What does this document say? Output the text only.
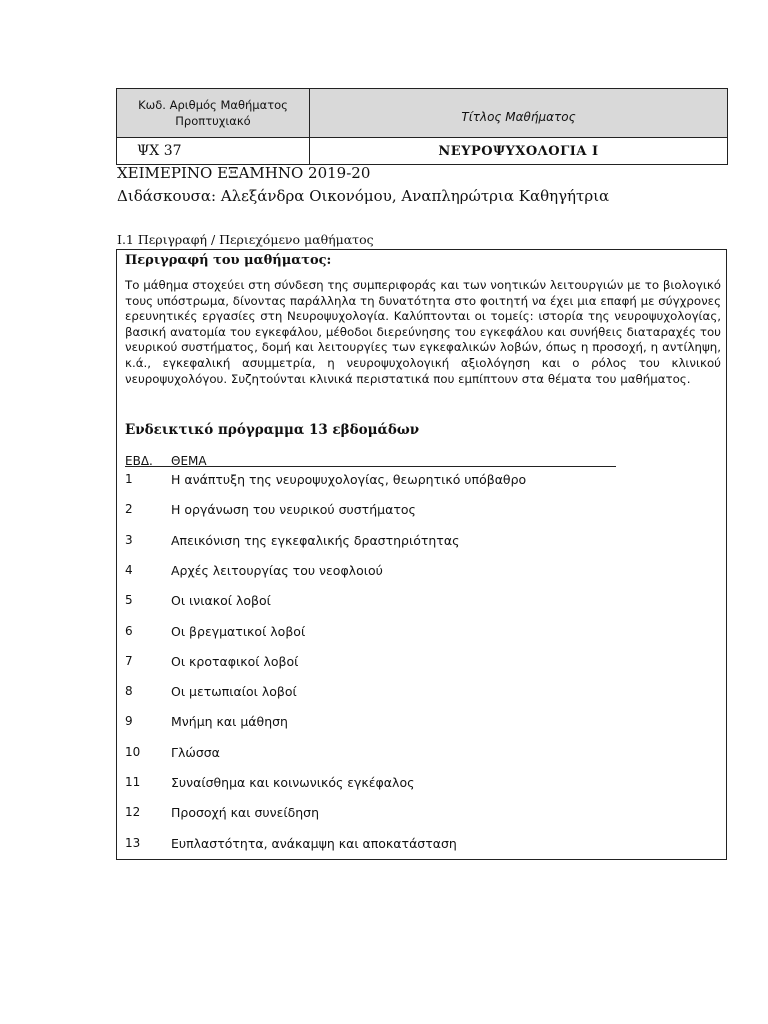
Κωδ. Αριθμός Μαθήματος Προπτυχιακό	Τίτλος Μαθήματος
ΨΧ 37	ΝΕΥΡΟΨΥΧΟΛΟΓΙΑ Ι
ΧΕΙΜΕΡΙΝΟ ΕΞΑΜΗΝΟ 2019-20
Διδάσκουσα: Αλεξάνδρα Οικονόμου, Αναπληρώτρια Καθηγήτρια
I.1 Περιγραφή / Περιεχόμενο μαθήματος
Περιγραφή του μαθήματος:
Το μάθημα στοχεύει στη σύνδεση της συμπεριφοράς και των νοητικών λειτουργιών με το βιολογικό τους υπόστρωμα, δίνοντας παράλληλα τη δυνατότητα στο φοιτητή να έχει μια επαφή με σύγχρονες ερευνητικές εργασίες στη Νευροψυχολογία. Καλύπτονται οι τομείς: ιστορία της νευροψυχολογίας, βασική ανατομία του εγκεφάλου, μέθοδοι διερεύνησης του εγκεφάλου και συνήθεις διαταραχές του νευρικού συστήματος, δομή και λειτουργίες των εγκεφαλικών λοβών, όπως η προσοχή, η αντίληψη, κ.ά., εγκεφαλική ασυμμετρία, η νευροψυχολογική αξιολόγηση και ο ρόλος του κλινικού νευροψυχολόγου. Συζητούνται κλινικά περιστατικά που εμπίπτουν στα θέματα του μαθήματος.
Ενδεικτικό πρόγραμμα 13 εβδομάδων
ΕΒΔ. ΘΕΜΑ
1	Η ανάπτυξη της νευροψυχολογίας, θεωρητικό υπόβαθρο
2	Η οργάνωση του νευρικού συστήματος
3	Απεικόνιση της εγκεφαλικής δραστηριότητας
4	Αρχές λειτουργίας του νεοφλοιού
5	Οι ινιακοί λοβοί
6	Οι βρεγματικοί λοβοί
7	Οι κροταφικοί λοβοί
8	Οι μετωπιαίοι λοβοί
9	Μνήμη και μάθηση
10 Γλώσσα
11 Συναίσθημα και κοινωνικός εγκέφαλος
12 Προσοχή και συνείδηση
13 Ευπλαστότητα, ανάκαμψη και αποκατάσταση
